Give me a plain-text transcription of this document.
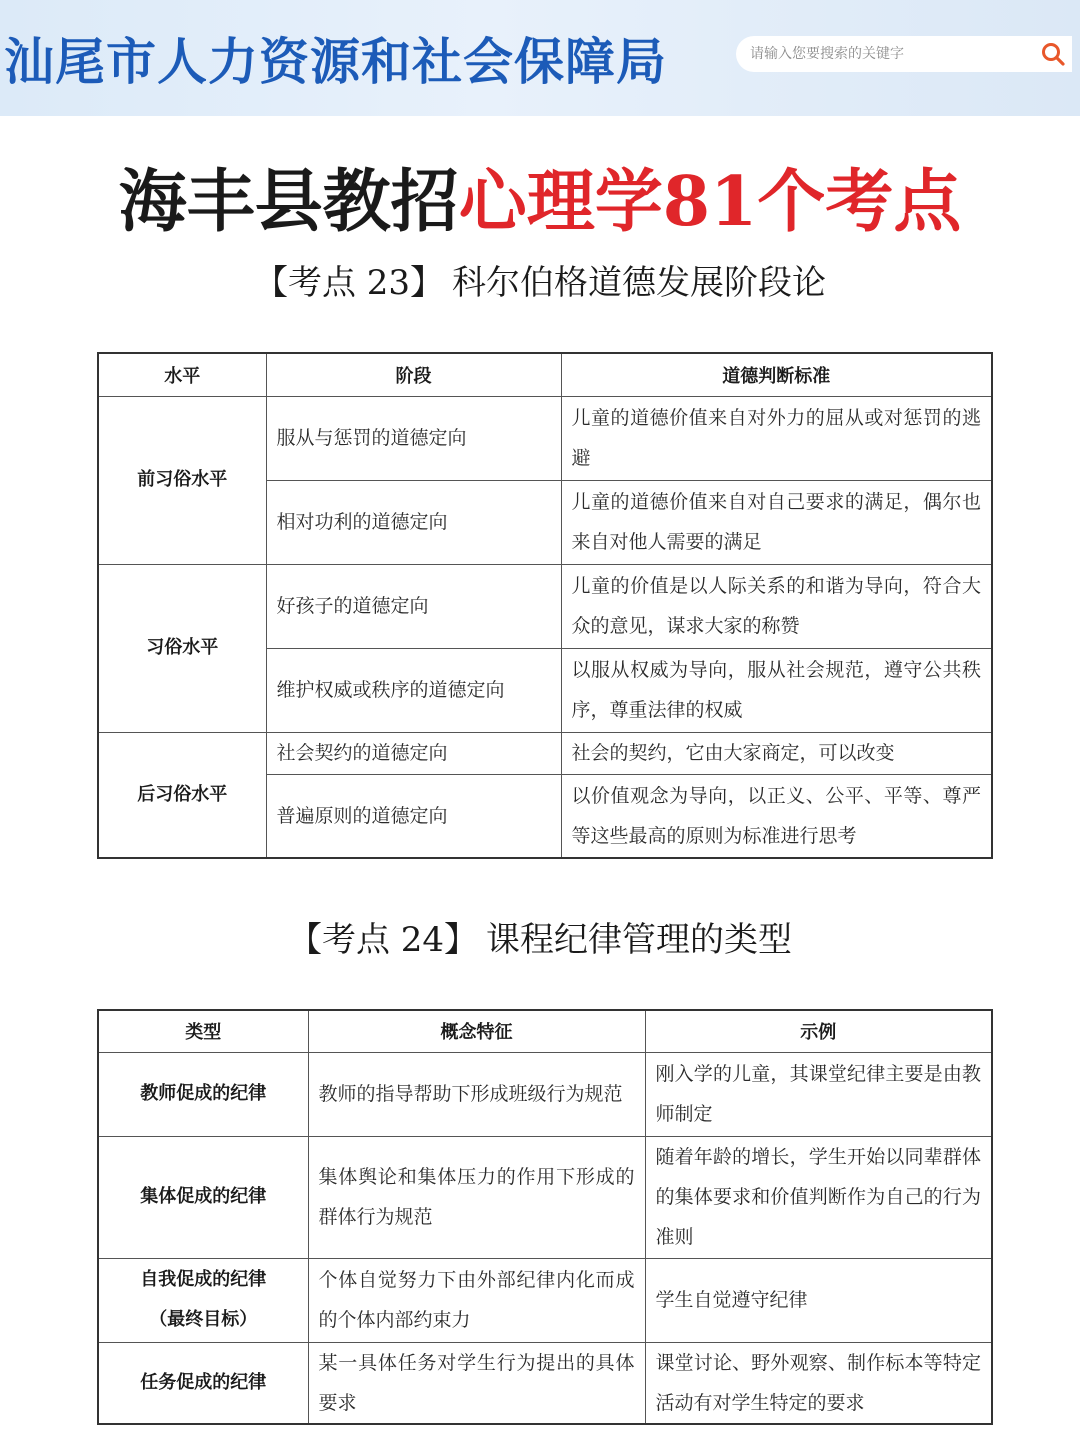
汕尾市人力资源和社会保障局
请输入您要搜索的关键字
海丰县教招心理学81个考点
【考点 23】 科尔伯格道德发展阶段论
水平	阶段	道德判断标准
前习俗水平	服从与惩罚的道德定向	儿童的道德价值来自对外力的屈从或对惩罚的逃避
	相对功利的道德定向	儿童的道德价值来自对自己要求的满足，偶尔也来自对他人需要的满足
习俗水平	好孩子的道德定向	儿童的价值是以人际关系的和谐为导向，符合大众的意见，谋求大家的称赞
	维护权威或秩序的道德定向	以服从权威为导向，服从社会规范，遵守公共秩序，尊重法律的权威
后习俗水平	社会契约的道德定向	社会的契约，它由大家商定，可以改变
	普遍原则的道德定向	以价值观念为导向，以正义、公平、平等、尊严等这些最高的原则为标准进行思考
【考点 24】 课程纪律管理的类型
类型	概念特征	示例

教师促成的纪律	教师的指导帮助下形成班级行为规范	刚入学的儿童，其课堂纪律主要是由教师制定

集体促成的纪律	集体舆论和集体压力的作用下形成的群体行为规范	随着年龄的增长，学生开始以同辈群体的集体要求和价值判断作为自己的行为准则

自我促成的纪律
（最终目标）	个体自觉努力下由外部纪律内化而成的个体内部约束力	学生自觉遵守纪律

任务促成的纪律	某一具体任务对学生行为提出的具体要求	课堂讨论、野外观察、制作标本等特定活动有对学生特定的要求
